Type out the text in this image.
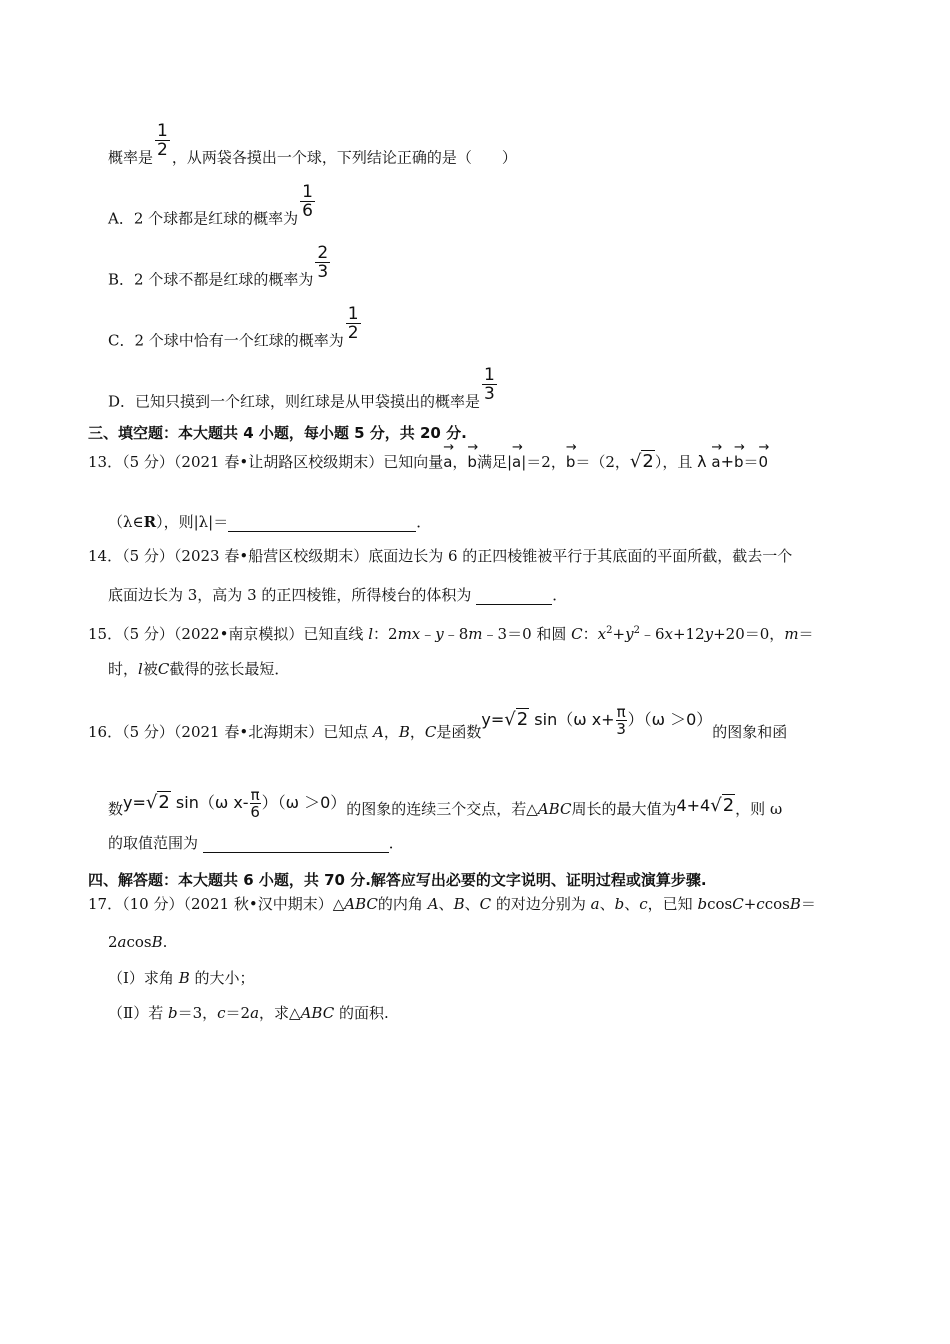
概率是 $\frac{1}{2}$ ，从两袋各摸出一个球，下列结论正确的是（　　）
A．2 个球都是红球的概率为 $\frac{1}{6}$
B．2 个球不都是红球的概率为 $\frac{2}{3}$
C．2 个球中恰有一个红球的概率为 $\frac{1}{2}$
D．已知只摸到一个红球，则红球是从甲袋摸出的概率是 $\frac{1}{3}$
三、填空题：本大题共 4 小题，每小题 5 分，共 20 分.
13．（5 分）（2021 春•让胡路区校级期末）已知向量→ a，→ b满足|→ a|＝2，→ b＝（2，√2），且 λ → a+→ b＝→ 0
（λ∈R），则|λ|＝	．
14．（5 分）（2023 春•船营区校级期末）底面边长为 6 的正四棱锥被平行于其底面的平面所截，截去一个
底面边长为 3，高为 3 的正四棱锥，所得棱台的体积为	．
15．（5 分）（2022•南京模拟）已知直线 l：2mx﹣y﹣8m﹣3＝0 和圆 C：$x^2+y^2﹣6x+12y+20=0$，m＝
时，l被C截得的弦长最短．
16．（5 分）（2021 春•北海期末）已知点 A，B，C是函数y=√2 sin（ω $x+ \frac{\pi}{3} )(\omega >0)$的图象和函
数y=√2 sin（ω $x- \frac{\pi}{6} )(\omega >0)$的图象的连续三个交点，若△ABC周长的最大值为4+4√2，则 ω
的取值范围为	．
四、解答题：本大题共 6 小题，共 70 分.解答应写出必要的文字说明、证明过程或演算步骤.
17．（10 分）（2021 秋•汉中期末）△ABC的内角 A、B、C 的对边分别为 a、b、c，已知 bcosC+ccosB＝
2acosB.
（Ⅰ）求角 B 的大小；
（Ⅱ）若 b＝3，c＝2a，求△ABC 的面积.
